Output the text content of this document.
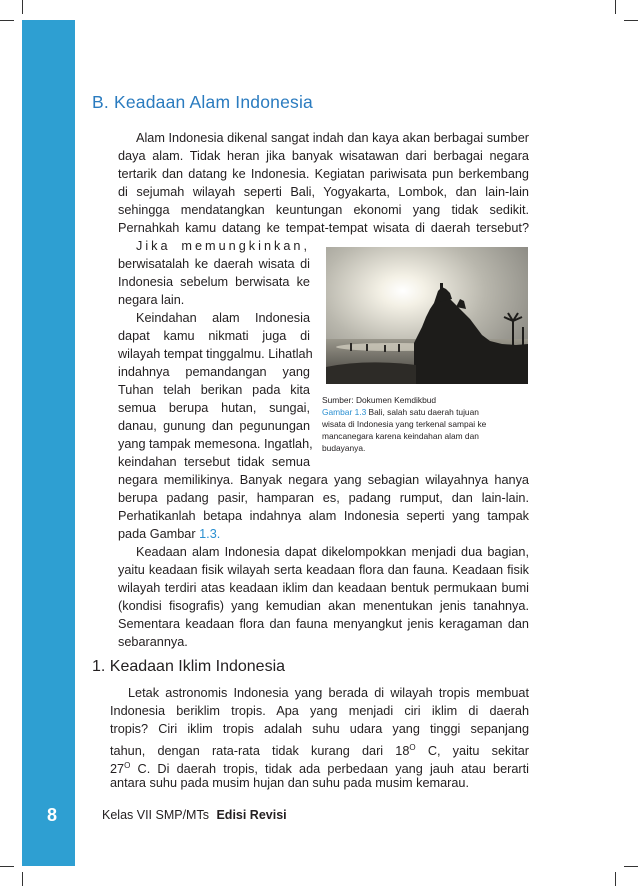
8	Kelas VII SMP/MTs Edisi Revisi
B. Keadaan Alam Indonesia
Alam Indonesia dikenal sangat indah dan kaya akan berbagai sumber
daya alam. Tidak heran jika banyak wisatawan dari berbagai negara
tertarik dan datang ke Indonesia. Kegiatan pariwisata pun berkembang
di sejumah wilayah seperti Bali, Yogyakarta, Lombok, dan lain-lain
sehingga mendatangkan keuntungan ekonomi yang tidak sedikit.
Pernahkah kamu datang ke tempat-tempat wisata di daerah tersebut?
Jika memungkinkan,
berwisatalah ke daerah wisata di
Indonesia sebelum berwisata ke
negara lain.
Keindahan alam Indonesia
dapat kamu nikmati juga di
wilayah tempat tinggalmu. Lihatlah
indahnya pemandangan yang
Tuhan telah berikan pada kita
semua berupa hutan, sungai,
danau, gunung dan pegunungan
yang tampak memesona. Ingatlah,
keindahan tersebut tidak semua
Sumber: Dokumen Kemdikbud
Gambar 1.3 Bali, salah satu daerah tujuan
wisata di Indonesia yang terkenal sampai ke
mancanegara karena keindahan alam dan
budayanya.
negara memilikinya. Banyak negara yang sebagian wilayahnya hanya
berupa padang pasir, hamparan es, padang rumput, dan lain-lain.
Perhatikanlah betapa indahnya alam Indonesia seperti yang tampak
pada Gambar 1.3.
Keadaan alam Indonesia dapat dikelompokkan menjadi dua bagian,
yaitu keadaan fisik wilayah serta keadaan flora dan fauna. Keadaan fisik
wilayah terdiri atas keadaan iklim dan keadaan bentuk permukaan bumi
(kondisi fisografis) yang kemudian akan menentukan jenis tanahnya.
Sementara keadaan flora dan fauna menyangkut jenis keragaman dan
sebarannya.
1. Keadaan Iklim Indonesia
Letak astronomis Indonesia yang berada di wilayah tropis membuat
Indonesia beriklim tropis. Apa yang menjadi ciri iklim di daerah
tropis? Ciri iklim tropis adalah suhu udara yang tinggi sepanjang
tahun, dengan rata-rata tidak kurang dari $18^O$ C, yaitu sekitar
$27^O$ C. Di daerah tropis, tidak ada perbedaan yang jauh atau berarti
antara suhu pada musim hujan dan suhu pada musim kemarau.
